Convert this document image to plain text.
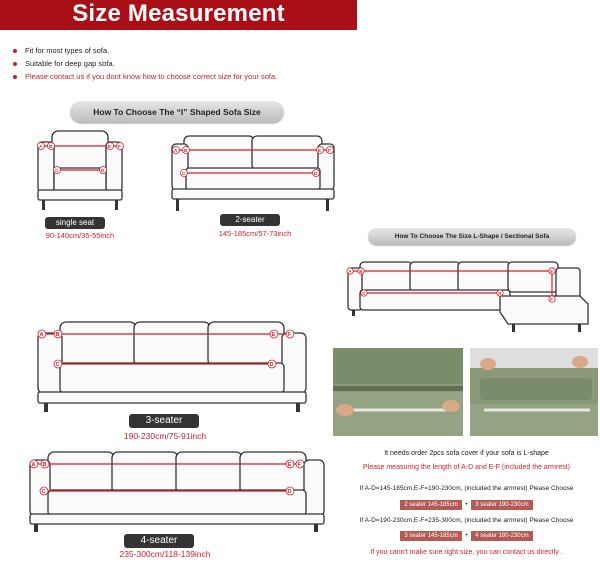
Size Measurement
Fit for most types of sofa.
Suitable for deep gap sofa.
Please contact us if you dont know how to choose correct size for your sofa.
How To Choose The “I” Shaped Sofa Size
A B
C	D
E F
A B
C	D
E F
A B
C	D
E F
A B
C	D
E F
A B
C	D
E
F
single seat
90-140cm/35-55inch
2-seater
145-185cm/57-73inch
3-seater
190-230cm/75-91inch
4-seater
235-300cm/118-139inch
How To Choose The Size L-Shape / Sectional Sofa
It needs order 2pcs sofa cover if your sofa is L-shape
Please measuring the length of A-D and E-F (included the armrest)
If A-D=145-185cm,E-F=190-230cm, (included the armrest) Please Choose
2 seater 145-185cm + 3 seater 190-230cm
If A-D=190-230cm,E-F=235-300cm, (included the armrest) Please Choose
3 seater 145-185cm + 4 seater 190-230cm
If you cann't make sure right size, you can contact us directly .
